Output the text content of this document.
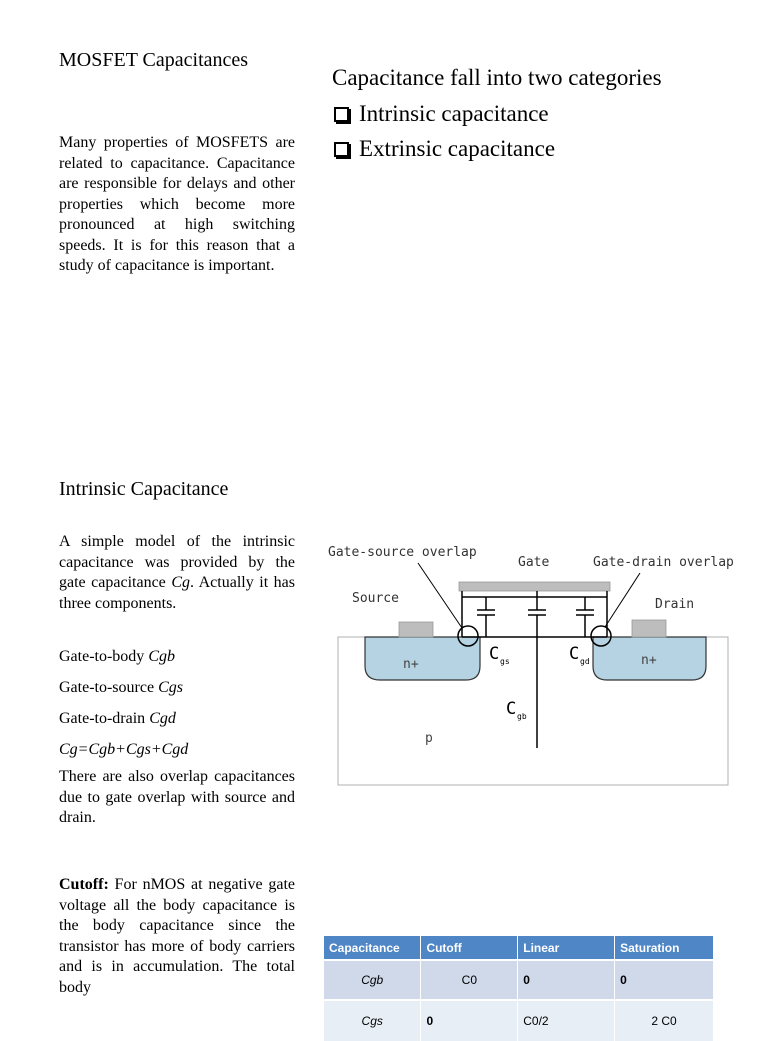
MOSFET Capacitances
Many properties of MOSFETS are related to capacitance. Capacitance are responsible for delays and other properties which become more pronounced at high switching speeds. It is for this reason that a study of capacitance is important.
Intrinsic Capacitance
A simple model of the intrinsic capacitance was provided by the gate capacitance Cg. Actually it has three components.
Gate-to-body Cgb
Gate-to-source Cgs
Gate-to-drain Cgd
Cg=Cgb+Cgs+Cgd
There are also overlap capacitances due to gate overlap with source and drain.
Cutoff: For nMOS at negative gate voltage all the body capacitance is the body capacitance since the transistor has more of body carriers and is in accumulation. The total body
Capacitance fall into two categories
Intrinsic capacitance
Extrinsic capacitance
Gate-source overlap
Gate	Gate-drain overlap
Source	Drain
n+	n+
p
C gs	C gd
C gb
Capacitance	Cutoff	Linear	Saturation
Cgb	C0	0	0
Cgs	0	C0/2	2 C0
